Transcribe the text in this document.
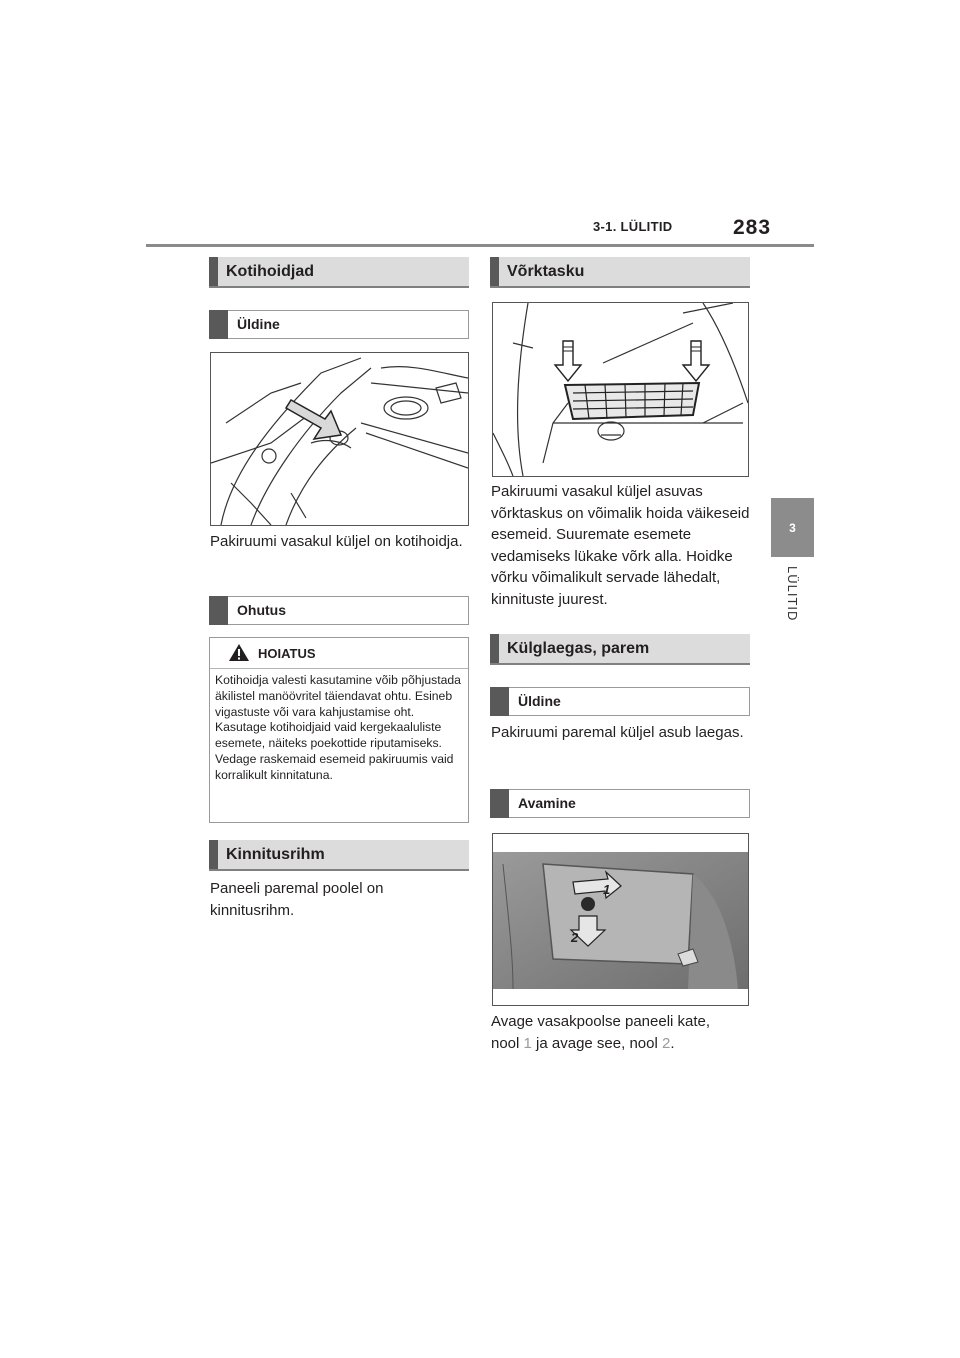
3-1. LÜLITID	283
3
LÜLITID
Kotihoidjad
Üldine
Pakiruumi vasakul küljel on kotihoidja.
Ohutus
HOIATUS
Kotihoidja valesti kasutamine võib põhjustada äkilistel manöövritel täiendavat ohtu. Esineb vigastuste või vara kahjustamise oht. Kasutage kotihoidjaid vaid kergekaaluliste esemete, näiteks poekottide riputamiseks. Vedage raskemaid esemeid pakiruumis vaid korralikult kinnitatuna.
Kinnitusrihm
Paneeli paremal poolel on kinnitusrihm.
Võrktasku
Pakiruumi vasakul küljel asuvas võrktaskus on võimalik hoida väikeseid esemeid. Suuremate esemete vedamiseks lükake võrk alla. Hoidke võrku võimalikult servade lähedalt, kinnituste juurest.
Külglaegas, parem
Üldine
Pakiruumi paremal küljel asub laegas.
Avamine
1
2
Avage vasakpoolse paneeli kate,
nool 1 ja avage see, nool 2.
